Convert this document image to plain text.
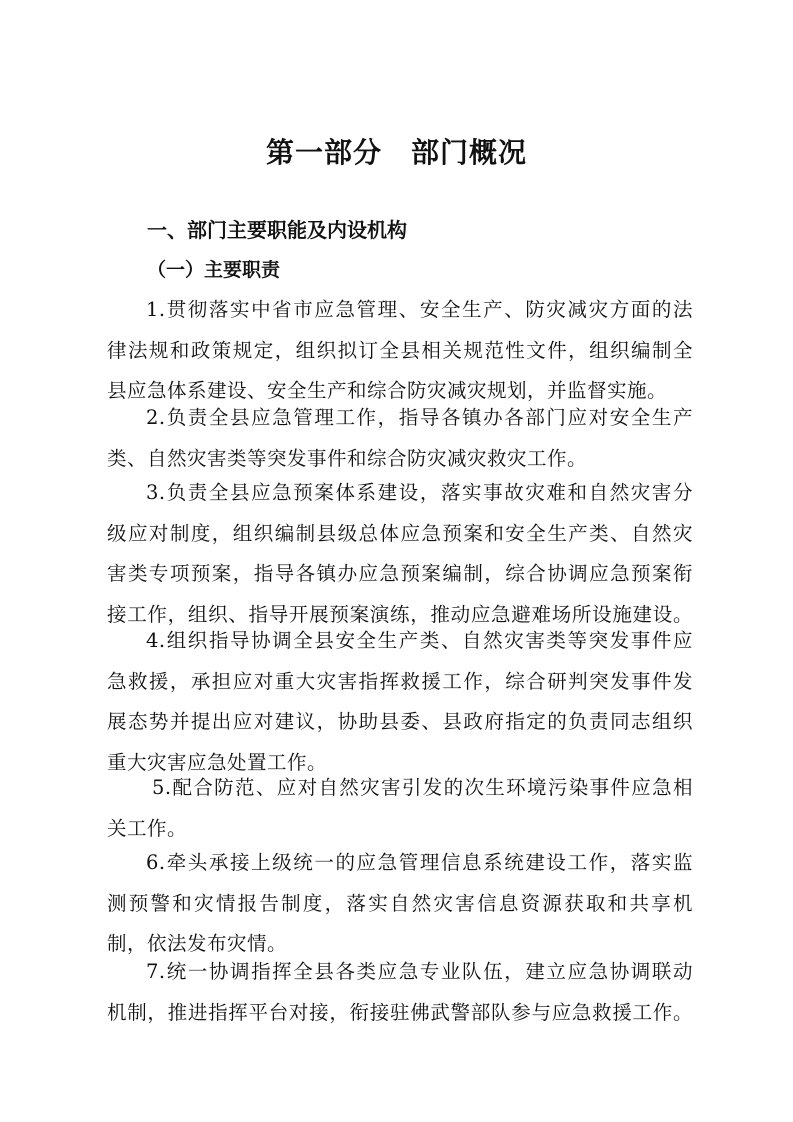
第一部分　部门概况
一、部门主要职能及内设机构
（一）主要职责

1.贯彻落实中省市应急管理、安全生产、防灾减灾方面的法
律法规和政策规定，组织拟订全县相关规范性文件，组织编制全
县应急体系建设、安全生产和综合防灾减灾规划，并监督实施。

2.负责全县应急管理工作，指导各镇办各部门应对安全生产
类、自然灾害类等突发事件和综合防灾减灾救灾工作。

3.负责全县应急预案体系建设，落实事故灾难和自然灾害分
级应对制度，组织编制县级总体应急预案和安全生产类、自然灾
害类专项预案，指导各镇办应急预案编制，综合协调应急预案衔
接工作，组织、指导开展预案演练，推动应急避难场所设施建设。

4.组织指导协调全县安全生产类、自然灾害类等突发事件应
急救援，承担应对重大灾害指挥救援工作，综合研判突发事件发
展态势并提出应对建议，协助县委、县政府指定的负责同志组织
重大灾害应急处置工作。

5.配合防范、应对自然灾害引发的次生环境污染事件应急相
关工作。

6.牵头承接上级统一的应急管理信息系统建设工作，落实监
测预警和灾情报告制度，落实自然灾害信息资源获取和共享机
制，依法发布灾情。

7.统一协调指挥全县各类应急专业队伍，建立应急协调联动
机制，推进指挥平台对接，衔接驻佛武警部队参与应急救援工作。
